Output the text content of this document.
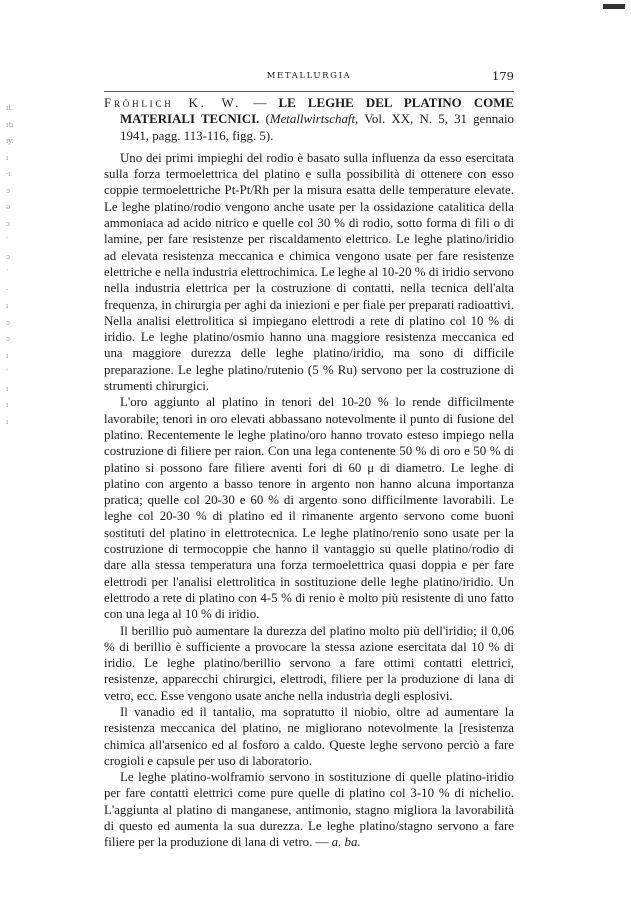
ıt.
ıtı
ıy.
ı
·ı
ɔ
ǝ
ɔ
'
ɔ
˙
·
ı
ɔ
ɔ
ı
'
ı
ı
ı
METALLURGIA	179

Fröhlich K. W. — LE LEGHE DEL PLATINO COME MATERIALI TECNICI. (Metallwirtschaft, Vol. XX, N. 5, 31 gennaio 1941, pagg. 113-116, figg. 5).

Uno dei primi impieghi del rodio è basato sulla influenza da esso esercitata sulla forza termoelettrica del platino e sulla possibilità di ottenere con esso coppie termoelettriche Pt-Pt/Rh per la misura esatta delle temperature elevate. Le leghe platino/rodio vengono anche usate per la ossidazione catalitica della ammoniaca ad acido nitrico e quelle col 30 % di rodio, sotto forma di fili o di lamine, per fare resistenze per riscaldamento elettrico. Le leghe platino/iridio ad elevata resistenza meccanica e chimica vengono usate per fare resistenze elettriche e nella industria elettrochimica. Le leghe al 10-20 % di iridio servono nella industria elettrica per la costruzione di contatti, nella tecnica dell'alta frequenza, in chirurgia per aghi da iniezioni e per fiale per preparati radioattivi. Nella analisi elettrolitica si impiegano elettrodi a rete di platino col 10 % di iridio. Le leghe platino/osmio hanno una maggiore resistenza meccanica ed una maggiore durezza delle leghe platino/iridio, ma sono di difficile preparazione. Le leghe platino/rutenio (5 % Ru) servono per la costruzione di strumenti chirurgici.

L'oro aggiunto al platino in tenori del 10-20 % lo rende difficilmente lavorabile; tenori in oro elevati abbassano notevolmente il punto di fusione del platino. Recentemente le leghe platino/oro hanno trovato esteso impiego nella costruzione di filiere per raion. Con una lega contenente 50 % di oro e 50 % di platino si possono fare filiere aventi fori di 60 μ di diametro. Le leghe di platino con argento a basso tenore in argento non hanno alcuna importanza pratica; quelle col 20-30 e 60 % di argento sono difficilmente lavorabili. Le leghe col 20-30 % di platino ed il rimanente argento servono come buoni sostituti del platino in elettrotecnica. Le leghe platino/renio sono usate per la costruzione di termocoppie che hanno il vantaggio su quelle platino/rodio di dare alla stessa temperatura una forza termoelettrica quasi doppia e per fare elettrodi per l'analisi elettrolitica in sostituzione delle leghe platino/iridio. Un elettrodo a rete di platino con 4-5 % di renio è molto più resistente di uno fatto con una lega al 10 % di iridio.

Il berillio può aumentare la durezza del platino molto più dell'iridio; il 0,06 % di berillio è sufficiente a provocare la stessa azione esercitata dal 10 % di iridio. Le leghe platino/berillio servono a fare ottimi contatti elettrici, resistenze, apparecchi chirurgici, elettrodi, filiere per la produzione di lana di vetro, ecc. Esse vengono usate anche nella industria degli esplosivi.

Il vanadio ed il tantalio, ma sopratutto il niobio, oltre ad aumentare la resistenza meccanica del platino, ne migliorano notevolmente la [resistenza chimica all'arsenico ed al fosforo a caldo. Queste leghe servono perciò a fare crogioli e capsule per uso di laboratorio.

Le leghe platino-wolframio servono in sostituzione di quelle platino-iridio per fare contatti elettrici come pure quelle di platino col 3-10 % di nichelio. L'aggiunta al platino di manganese, antimonio, stagno migliora la lavorabilità di questo ed aumenta la sua durezza. Le leghe platino/stagno servono a fare filiere per la produzione di lana di vetro. — a. ba.
